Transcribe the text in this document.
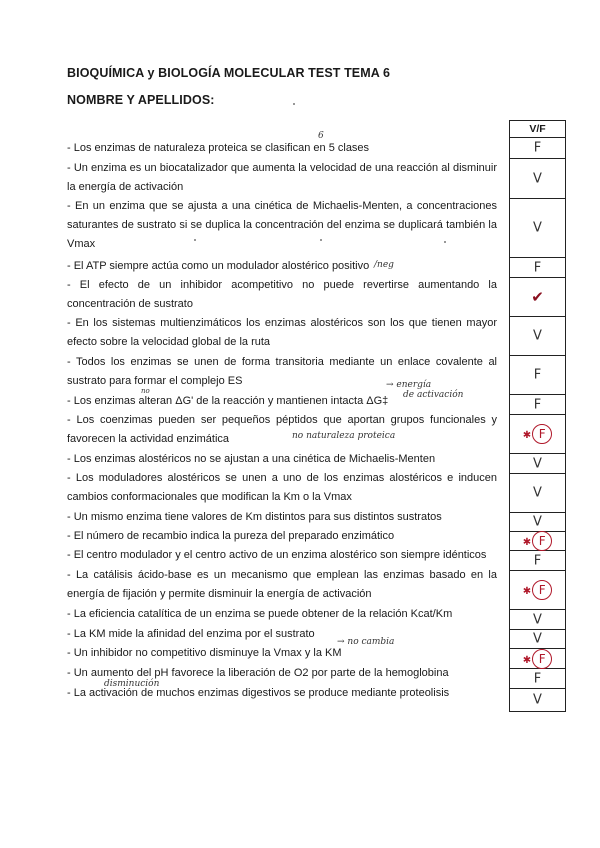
BIOQUÍMICA y BIOLOGÍA MOLECULAR TEST TEMA 6
NOMBRE Y APELLIDOS:
- Los enzimas de naturaleza proteica se clasifican en 5 clases
- Un enzima es un biocatalizador que aumenta la velocidad de una reacción al disminuir la energía de activación
- En un enzima que se ajusta a una cinética de Michaelis-Menten, a concentraciones saturantes de sustrato si se duplica la concentración del enzima se duplicará también la Vmax
- El ATP siempre actúa como un modulador alostérico positivo
- El efecto de un inhibidor acompetitivo no puede revertirse aumentando la concentración de sustrato
- En los sistemas multienzimáticos los enzimas alostéricos son los que tienen mayor efecto sobre la velocidad global de la ruta
- Todos los enzimas se unen de forma transitoria mediante un enlace covalente al sustrato para formar el complejo ES
- Los enzimas alteran ΔG' de la reacción y mantienen intacta ΔG‡
- Los coenzimas pueden ser pequeños péptidos que aportan grupos funcionales y favorecen la actividad enzimática
- Los enzimas alostéricos no se ajustan a una cinética de Michaelis-Menten
- Los moduladores alostéricos se unen a uno de los enzimas alostéricos e inducen cambios conformacionales que modifican la Km o la Vmax
- Un mismo enzima tiene valores de Km distintos para sus distintos sustratos
- El número de recambio indica la pureza del preparado enzimático
- El centro modulador y el centro activo de un enzima alostérico son siempre idénticos
- La catálisis ácido-base es un mecanismo que emplean las enzimas basado en la energía de fijación y permite disminuir la energía de activación
- La eficiencia catalítica de un enzima se puede obtener de la relación Kcat/Km
- La KM mide la afinidad del enzima por el sustrato
- Un inhibidor no competitivo disminuye la Vmax y la KM
- Un aumento del pH favorece la liberación de O2 por parte de la hemoglobina
- La activación de muchos enzimas digestivos se produce mediante proteolisis
6
/neg
no
→ energía
de activación
no naturaleza proteica
→ no cambia
disminución
V/F
F
V
V
F
✔
V
F
F
✱ F
V
V
V
✱ F
F
✱ F
V
V
✱ F
F
V
